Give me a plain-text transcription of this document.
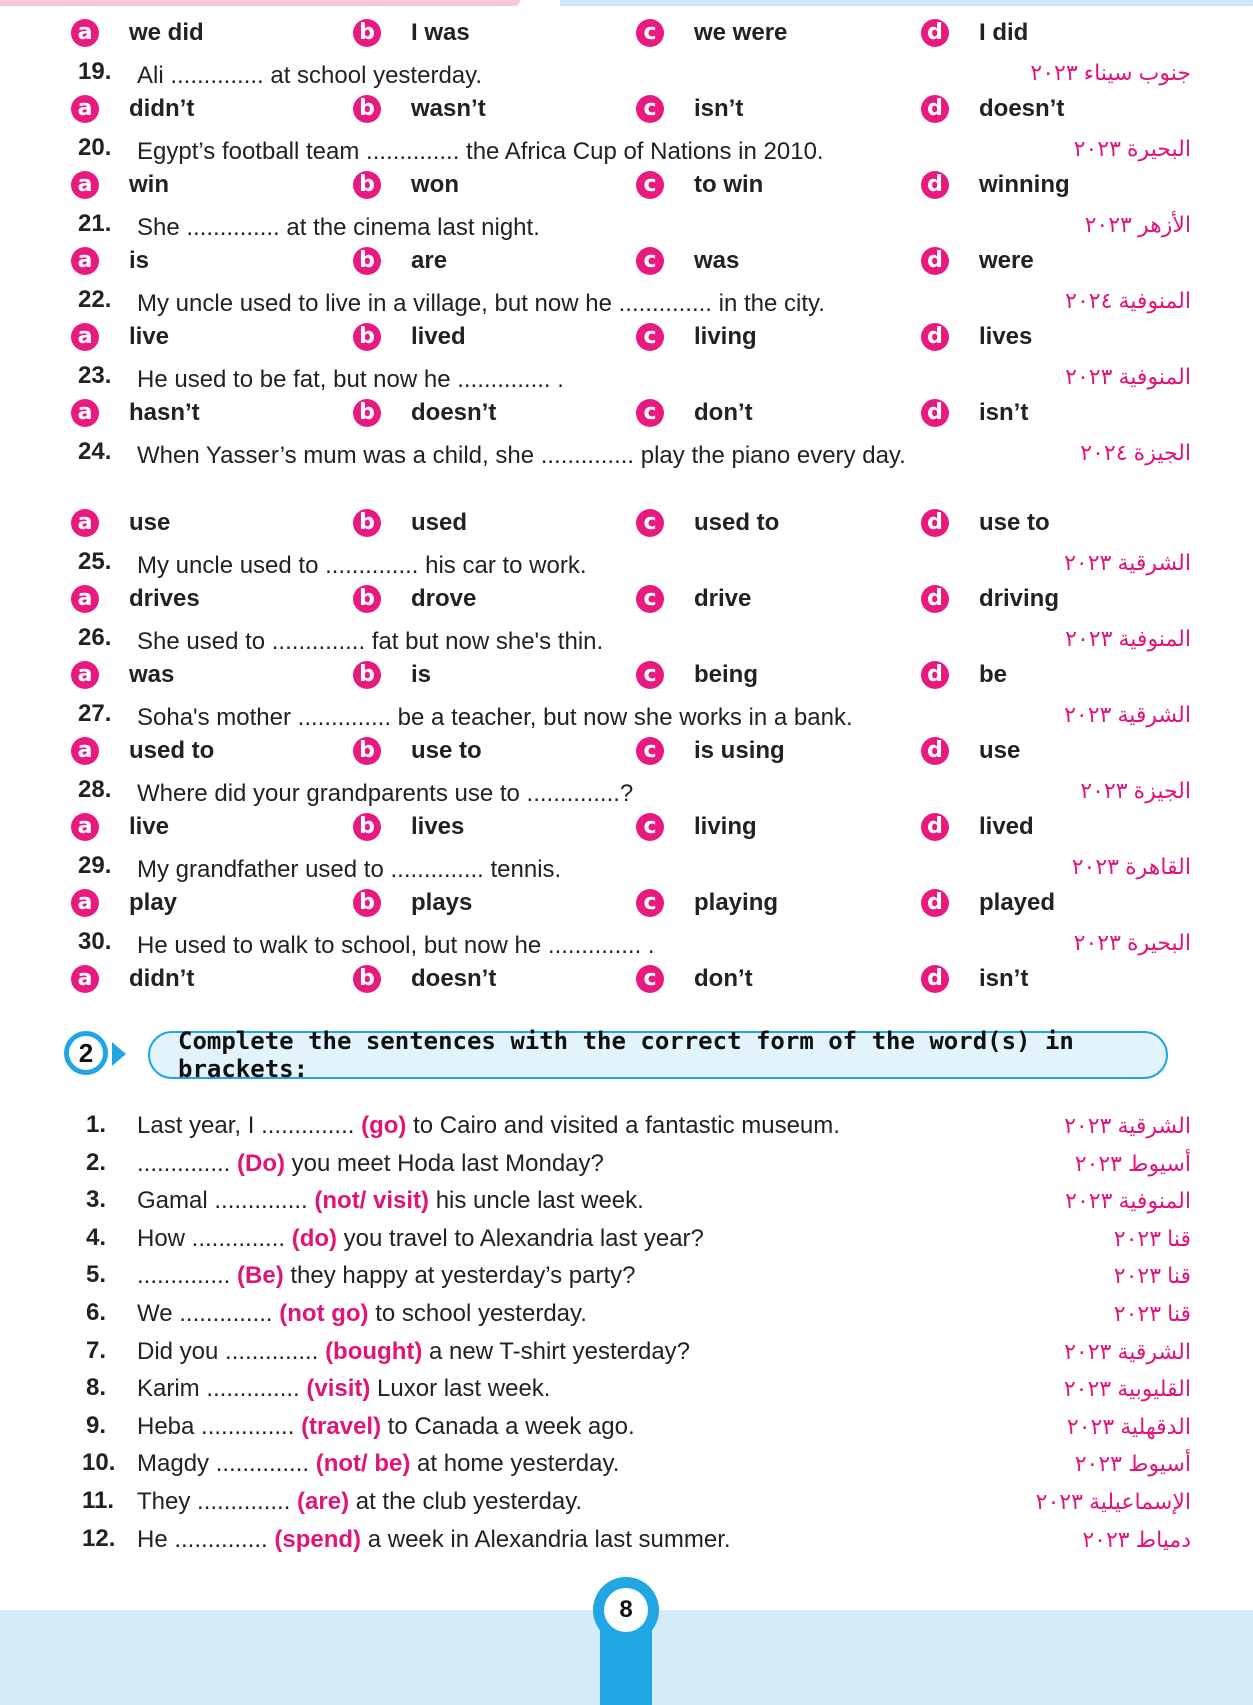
a we did	b I was	c	we were	d I did
19. Ali .............. at school yesterday.	جنوب سيناء ٢٠٢٣
a didn’t	b wasn’t	c	isn’t	d doesn’t
20. Egypt’s football team .............. the Africa Cup of Nations in 2010.	البحيرة ٢٠٢٣
a win	b won	c	to win	d winning
21. She .............. at the cinema last night.	الأزهر ٢٠٢٣
a is	b are	c	was	d were
22. My uncle used to live in a village, but now he .............. in the city.	المنوفية ٢٠٢٤
a live	b lived	c	living	d lives
23. He used to be fat, but now he .............. .	المنوفية ٢٠٢٣
a hasn’t	b doesn’t	c	don’t	d isn’t
24. When Yasser’s mum was a child, she .............. play the piano every day.	الجيزة ٢٠٢٤
a use	b used	c	used to	d use to
25. My uncle used to .............. his car to work.	الشرقية ٢٠٢٣
a drives	b drove	c	drive	d driving
26. She used to .............. fat but now she's thin.	المنوفية ٢٠٢٣
a was	b is	c	being	d be
27. Soha's mother .............. be a teacher, but now she works in a bank.	الشرقية ٢٠٢٣
a used to	b use to	c	is using	d use
28. Where did your grandparents use to ..............?	الجيزة ٢٠٢٣
a live	b lives	c	living	d lived
29. My grandfather used to .............. tennis.	القاهرة ٢٠٢٣
a play	b plays	c	playing	d played
30. He used to walk to school, but now he .............. .	البحيرة ٢٠٢٣
a didn’t	b doesn’t	c	don’t	d isn’t
2	Complete the sentences with the correct form of the word(s) in brackets:
1. Last year, I .............. (go) to Cairo and visited a fantastic museum.	الشرقية ٢٠٢٣
2. .............. (Do) you meet Hoda last Monday?	أسيوط ٢٠٢٣
3. Gamal .............. (not/ visit) his uncle last week.	المنوفية ٢٠٢٣
4. How .............. (do) you travel to Alexandria last year?	قنا ٢٠٢٣
5. .............. (Be) they happy at yesterday’s party?	قنا ٢٠٢٣
6. We .............. (not go) to school yesterday.	قنا ٢٠٢٣
7. Did you .............. (bought) a new T-shirt yesterday?	الشرقية ٢٠٢٣
8. Karim .............. (visit) Luxor last week.	القليوبية ٢٠٢٣
9. Heba .............. (travel) to Canada a week ago.	الدقهلية ٢٠٢٣
10. Magdy .............. (not/ be) at home yesterday.	أسيوط ٢٠٢٣
11. They .............. (are) at the club yesterday.	الإسماعيلية ٢٠٢٣
12. He .............. (spend) a week in Alexandria last summer.	دمياط ٢٠٢٣
8
